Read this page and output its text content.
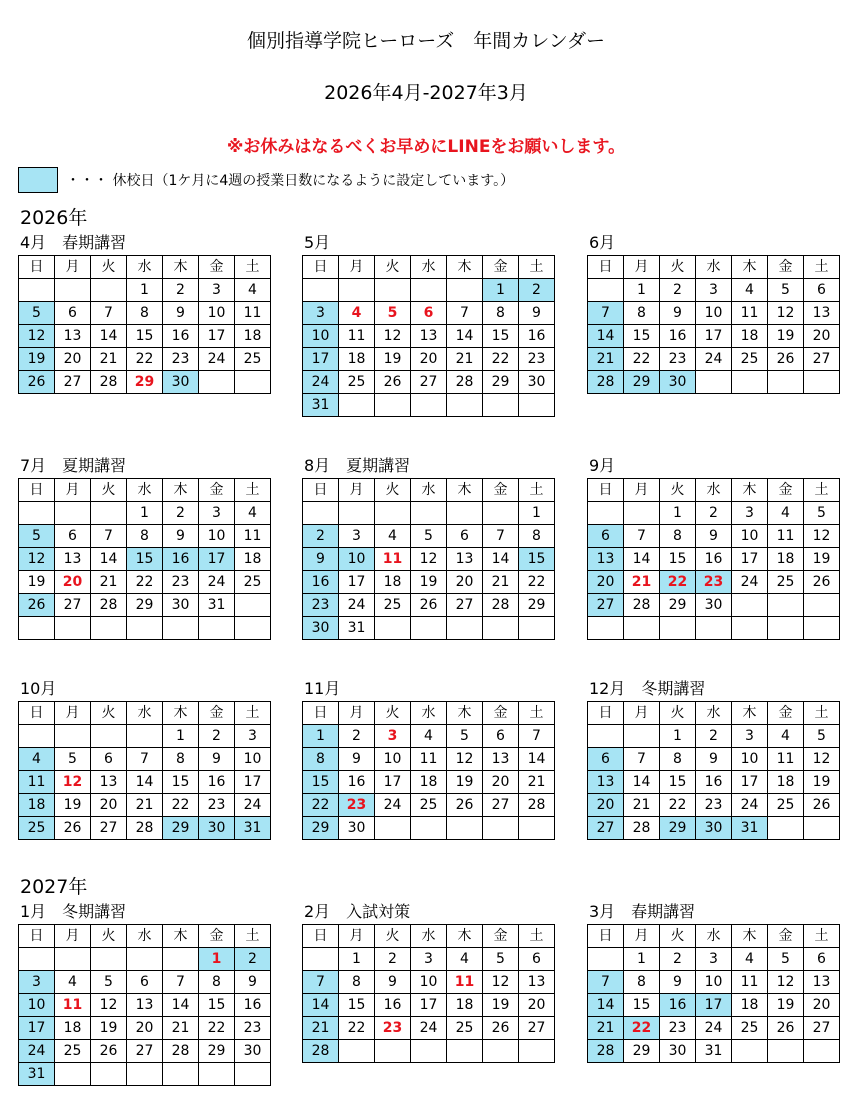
個別指導学院ヒーローズ　年間カレンダー
2026年4月-2027年3月
※お休みはなるべくお早めにLINEをお願いします。
・・・ 休校日（1ケ月に4週の授業日数になるように設定しています。）
2026年
2027年
4月　春期講習
日	月	火	水	木	金	土
			1	2	3	4
5	6	7	8	9	10	11
12	13	14	15	16	17	18
19	20	21	22	23	24	25
26	27	28	29	30		
5月
日	月	火	水	木	金	土
					1	2
3	4	5	6	7	8	9
10	11	12	13	14	15	16
17	18	19	20	21	22	23
24	25	26	27	28	29	30
31						
6月
日	月	火	水	木	金	土
	1	2	3	4	5	6
7	8	9	10	11	12	13
14	15	16	17	18	19	20
21	22	23	24	25	26	27
28	29	30				
7月　夏期講習
日	月	火	水	木	金	土
			1	2	3	4
5	6	7	8	9	10	11
12	13	14	15	16	17	18
19	20	21	22	23	24	25
26	27	28	29	30	31	

8月　夏期講習
日	月	火	水	木	金	土
						1
2	3	4	5	6	7	8
9	10	11	12	13	14	15
16	17	18	19	20	21	22
23	24	25	26	27	28	29
30	31					
9月
日	月	火	水	木	金	土
		1	2	3	4	5
6	7	8	9	10	11	12
13	14	15	16	17	18	19
20	21	22	23	24	25	26
27	28	29	30			

10月
日	月	火	水	木	金	土
				1	2	3
4	5	6	7	8	9	10
11	12	13	14	15	16	17
18	19	20	21	22	23	24
25	26	27	28	29	30	31
11月
日	月	火	水	木	金	土
1	2	3	4	5	6	7
8	9	10	11	12	13	14
15	16	17	18	19	20	21
22	23	24	25	26	27	28
29	30					
12月　冬期講習
日	月	火	水	木	金	土
		1	2	3	4	5
6	7	8	9	10	11	12
13	14	15	16	17	18	19
20	21	22	23	24	25	26
27	28	29	30	31		
1月　冬期講習
日	月	火	水	木	金	土
					1	2
3	4	5	6	7	8	9
10	11	12	13	14	15	16
17	18	19	20	21	22	23
24	25	26	27	28	29	30
31						
2月　入試対策
日	月	火	水	木	金	土
	1	2	3	4	5	6
7	8	9	10	11	12	13
14	15	16	17	18	19	20
21	22	23	24	25	26	27
28						
3月　春期講習
日	月	火	水	木	金	土
	1	2	3	4	5	6
7	8	9	10	11	12	13
14	15	16	17	18	19	20
21	22	23	24	25	26	27
28	29	30	31			
